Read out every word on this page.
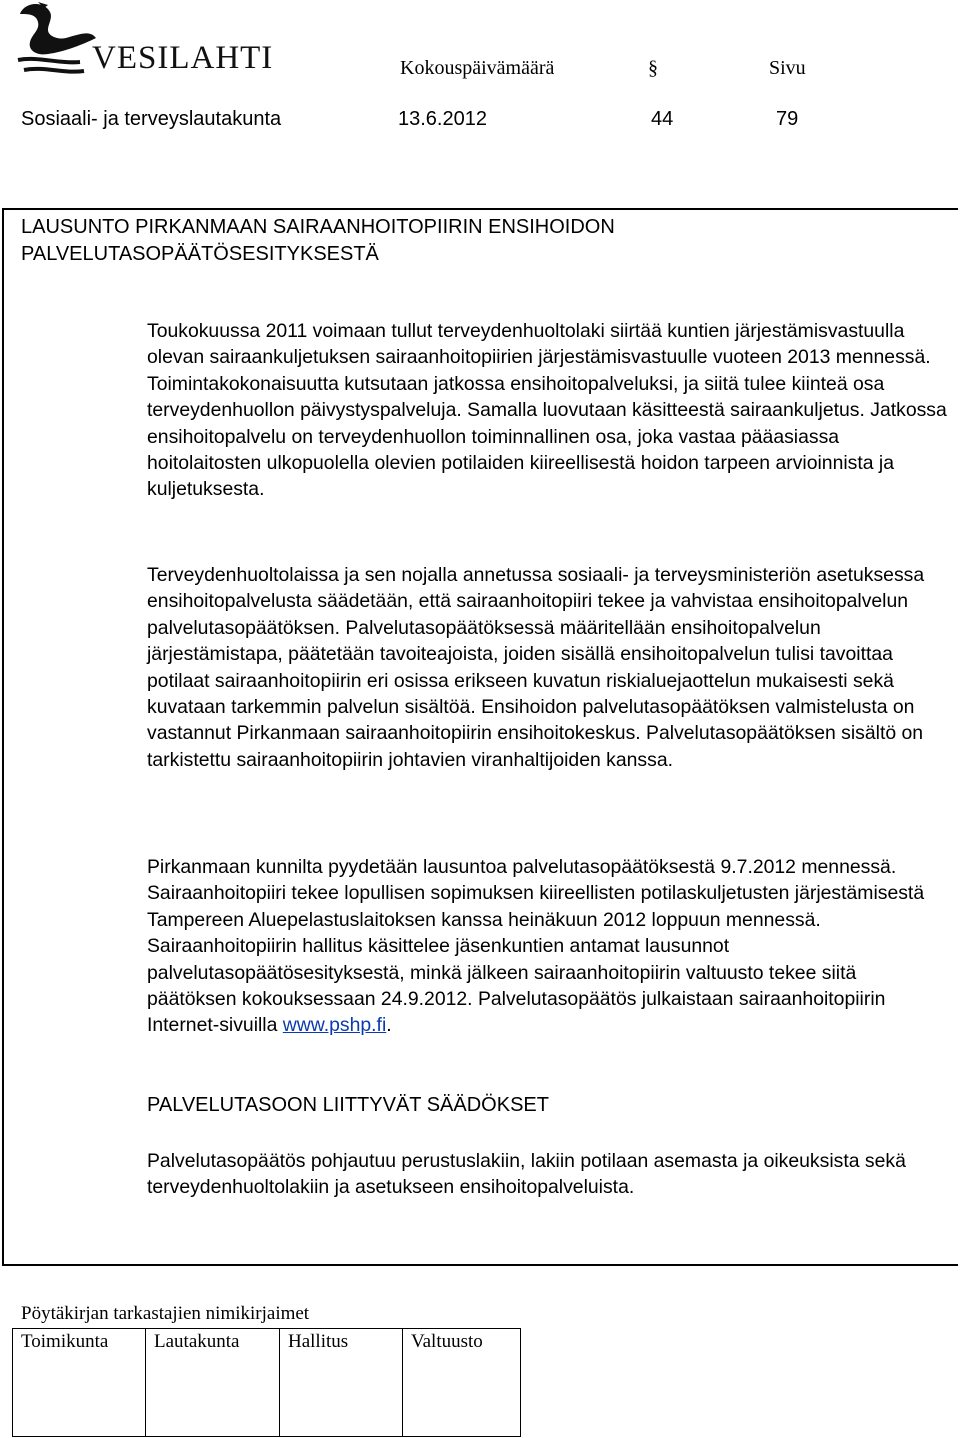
VESILAHTI	Kokouspäivämäärä	§	Sivu
Sosiaali- ja terveyslautakunta	13.6.2012	44	79
LAUSUNTO PIRKANMAAN SAIRAANHOITOPIIRIN ENSIHOIDON
PALVELUTASOPÄÄTÖSESITYKSESTÄ

Toukokuussa 2011 voimaan tullut terveydenhuoltolaki siirtää kuntien järjestämisvastuulla olevan sairaankuljetuksen sairaanhoitopiirien järjestämisvastuulle vuoteen 2013 mennessä. Toimintakokonaisuutta kutsutaan jatkossa ensihoitopalveluksi, ja siitä tulee kiinteä osa terveydenhuollon päivystyspalveluja. Samalla luovutaan käsitteestä sairaankuljetus. Jatkossa ensihoitopalvelu on terveydenhuollon toiminnallinen osa, joka vastaa pääasiassa hoitolaitosten ulkopuolella olevien potilaiden kiireellisestä hoidon tarpeen arvioinnista ja kuljetuksesta.

Terveydenhuoltolaissa ja sen nojalla annetussa sosiaali- ja terveysministeriön asetuksessa ensihoitopalvelusta säädetään, että sairaanhoitopiiri tekee ja vahvistaa ensihoitopalvelun palvelutasopäätöksen. Palvelutasopäätöksessä määritellään ensihoitopalvelun järjestämistapa, päätetään tavoiteajoista, joiden sisällä ensihoitopalvelun tulisi tavoittaa potilaat sairaanhoitopiirin eri osissa erikseen kuvatun riskialuejaottelun mukaisesti sekä kuvataan tarkemmin palvelun sisältöä. Ensihoidon palvelutasopäätöksen valmistelusta on vastannut Pirkanmaan sairaanhoitopiirin ensihoitokeskus. Palvelutasopäätöksen sisältö on tarkistettu sairaanhoitopiirin johtavien viranhaltijoiden kanssa.

Pirkanmaan kunnilta pyydetään lausuntoa palvelutasopäätöksestä 9.7.2012 mennessä. Sairaanhoitopiiri tekee lopullisen sopimuksen kiireellisten potilaskuljetusten järjestämisestä Tampereen Aluepelastuslaitoksen kanssa heinäkuun 2012 loppuun mennessä. Sairaanhoitopiirin hallitus käsittelee jäsenkuntien antamat lausunnot palvelutasopäätösesityksestä, minkä jälkeen sairaanhoitopiirin valtuusto tekee siitä päätöksen kokouksessaan 24.9.2012. Palvelutasopäätös julkaistaan sairaanhoitopiirin Internet-sivuilla www.pshp.fi.

PALVELUTASOON LIITTYVÄT SÄÄDÖKSET

Palvelutasopäätös pohjautuu perustuslakiin, lakiin potilaan asemasta ja oikeuksista sekä terveydenhuoltolakiin ja asetukseen ensihoitopalveluista.

Pöytäkirjan tarkastajien nimikirjaimet
Toimikunta	Lautakunta	Hallitus	Valtuusto
